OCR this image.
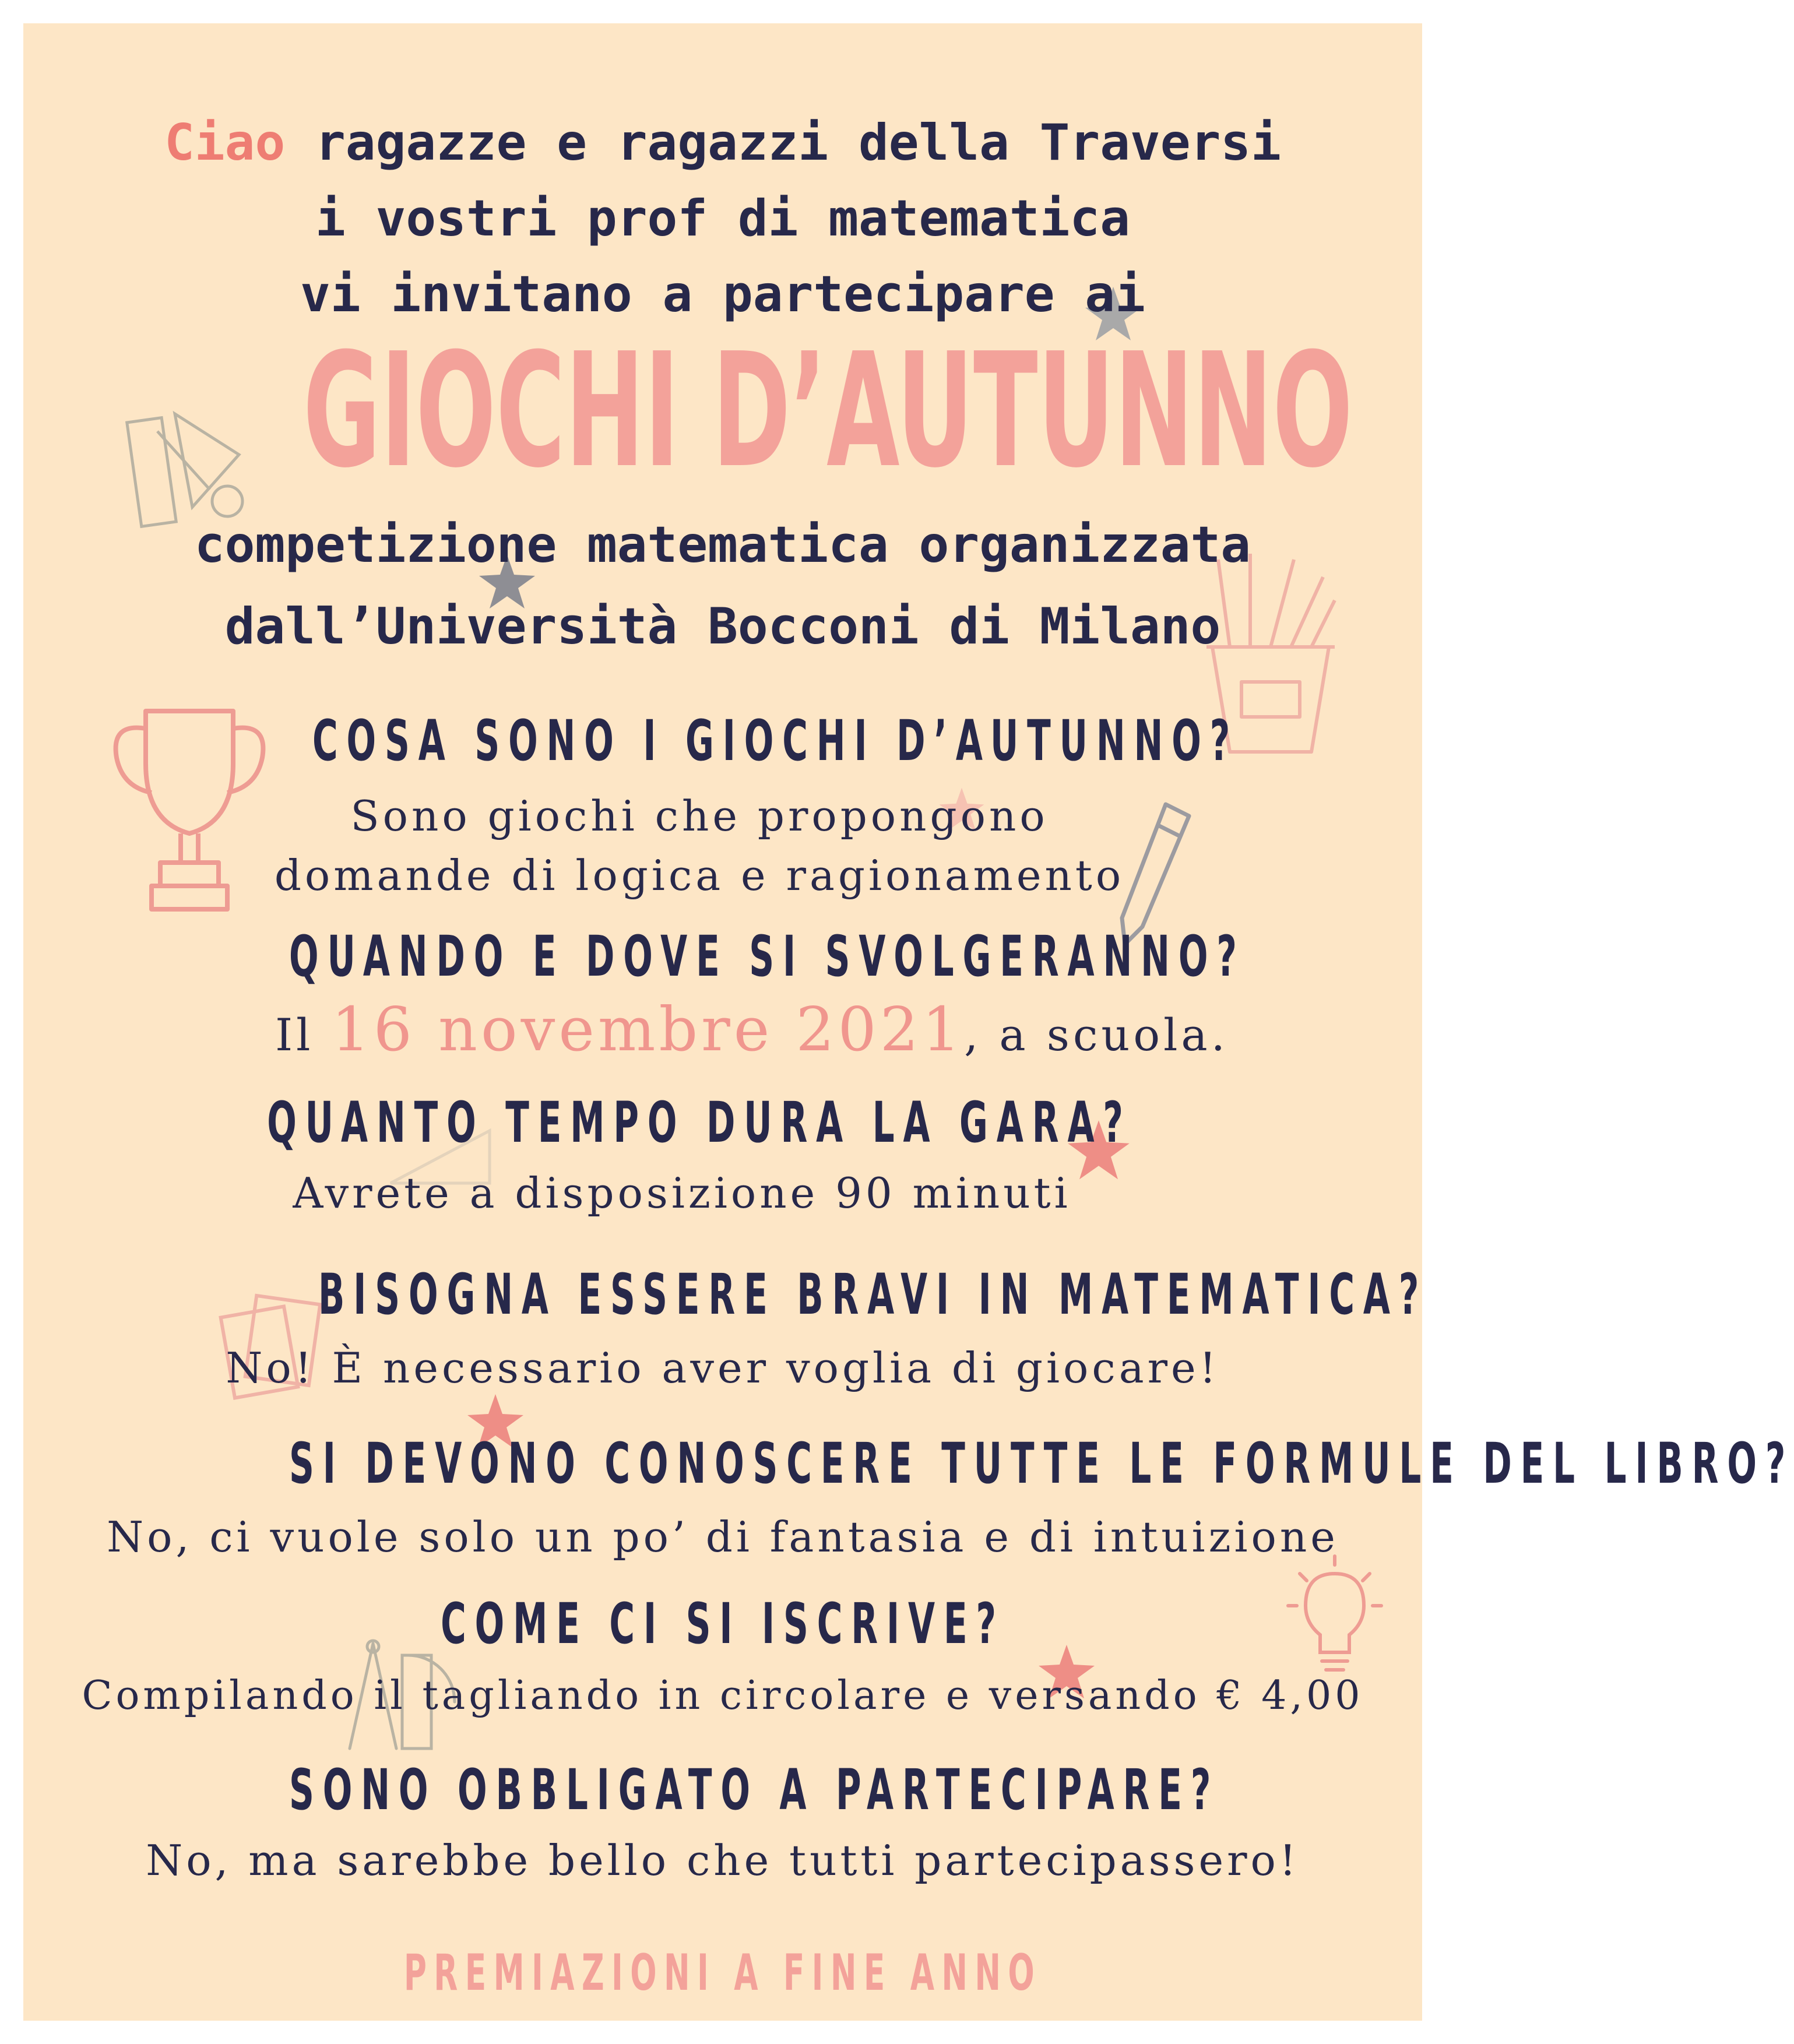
Ciao ragazze e ragazzi della Traversi
i vostri prof di matematica
vi invitano a partecipare ai
GIOCHI D’AUTUNNO
competizione matematica organizzata
dall’Università Bocconi di Milano
COSA SONO I GIOCHI D’AUTUNNO?
Sono giochi che propongono
domande di logica e ragionamento
QUANDO E DOVE SI SVOLGERANNO?
Il 16 novembre 2021, a scuola.
QUANTO TEMPO DURA LA GARA?
Avrete a disposizione 90 minuti
BISOGNA ESSERE BRAVI IN MATEMATICA?
No! È necessario aver voglia di giocare!
SI DEVONO CONOSCERE TUTTE LE FORMULE DEL LIBRO?
No, ci vuole solo un po’ di fantasia e di intuizione
COME CI SI ISCRIVE?
Compilando il tagliando in circolare e versando € 4,00
SONO OBBLIGATO A PARTECIPARE?
No, ma sarebbe bello che tutti partecipassero!
PREMIAZIONI A FINE ANNO
